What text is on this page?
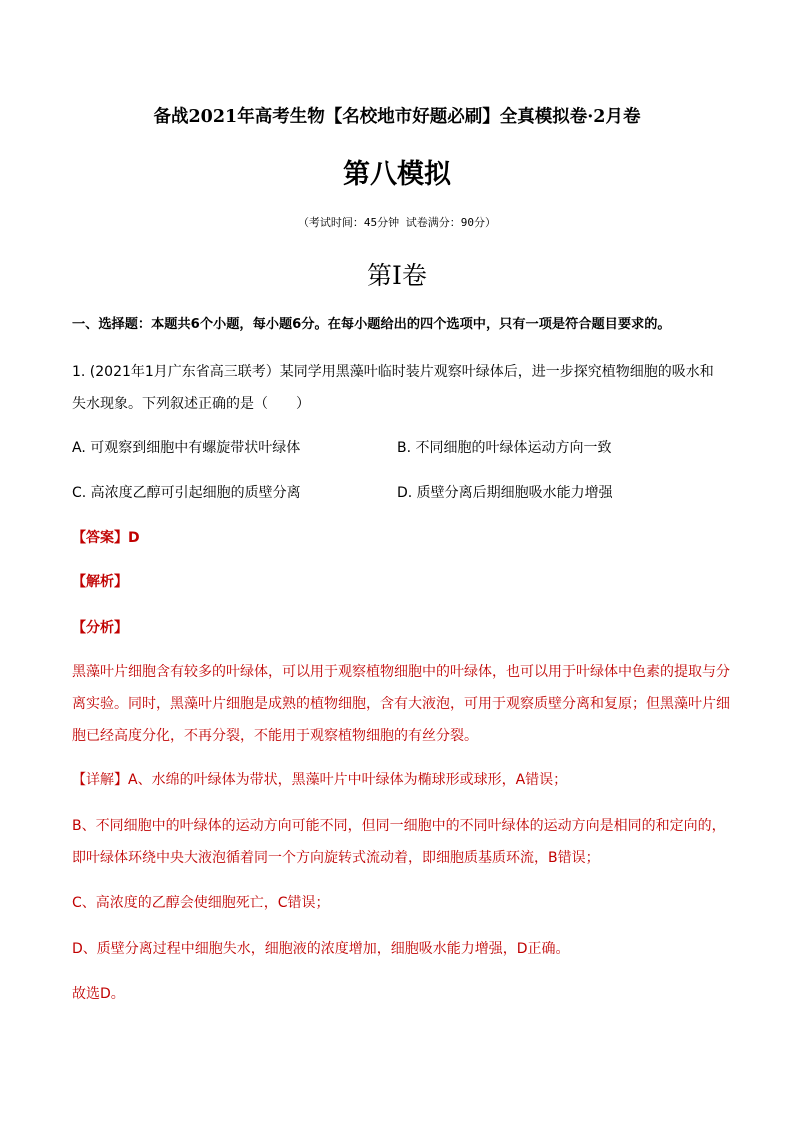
备战2021年高考生物【名校地市好题必刷】全真模拟卷·2月卷
第八模拟
（考试时间：45分钟 试卷满分：90分）
第Ⅰ卷
一、选择题：本题共6个小题，每小题6分。在每小题给出的四个选项中，只有一项是符合题目要求的。
1. (2021年1月广东省高三联考）某同学用黑藻叶临时装片观察叶绿体后，进一步探究植物细胞的吸水和失水现象。下列叙述正确的是（　　）
A. 可观察到细胞中有螺旋带状叶绿体	B. 不同细胞的叶绿体运动方向一致
C. 高浓度乙醇可引起细胞的质壁分离	D. 质壁分离后期细胞吸水能力增强
【答案】D
【解析】
【分析】
黑藻叶片细胞含有较多的叶绿体，可以用于观察植物细胞中的叶绿体，也可以用于叶绿体中色素的提取与分离实验。同时，黑藻叶片细胞是成熟的植物细胞，含有大液泡，可用于观察质壁分离和复原；但黑藻叶片细胞已经高度分化，不再分裂，不能用于观察植物细胞的有丝分裂。
【详解】A、水绵的叶绿体为带状，黑藻叶片中叶绿体为椭球形或球形，A错误；
B、不同细胞中的叶绿体的运动方向可能不同，但同一细胞中的不同叶绿体的运动方向是相同的和定向的，即叶绿体环绕中央大液泡循着同一个方向旋转式流动着，即细胞质基质环流，B错误；
C、高浓度的乙醇会使细胞死亡，C错误；
D、质壁分离过程中细胞失水，细胞液的浓度增加，细胞吸水能力增强，D正确。
故选D。
